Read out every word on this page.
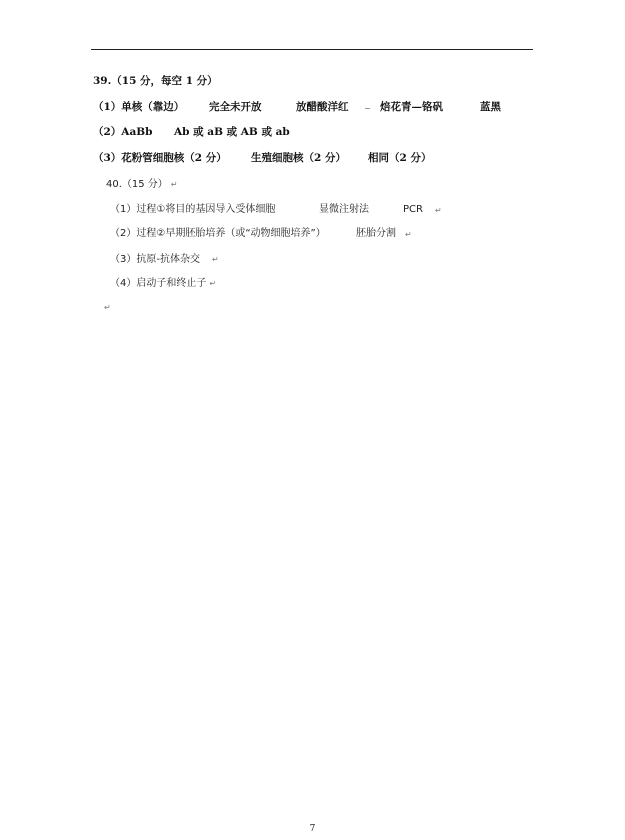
39.（15 分，每空 1 分）
（1）单核（靠边） 完全未开放	放醋酸洋红	焙花青—铬矾	蓝黑
（2）AaBb Ab 或 aB 或 AB 或 ab
（3）花粉管细胞核（2 分） 生殖细胞核（2 分） 相同（2 分）
40.（15 分） ↵
（1）过程①将目的基因导入受体细胞	显微注射法	PCR ↵
（2）过程②早期胚胎培养（或“动物细胞培养”）	胚胎分割 ↵
（3）抗原-抗体杂交 ↵
（4）启动子和终止子 ↵
↵
7
